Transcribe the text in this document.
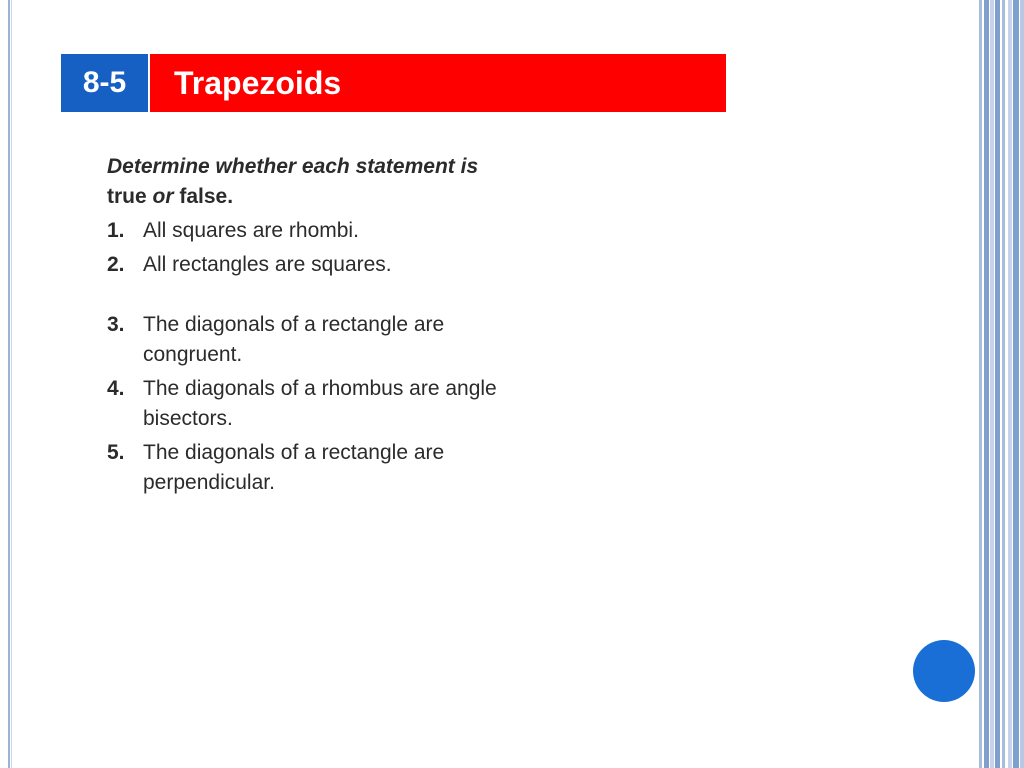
8-5	Trapezoids
Determine whether each statement is true or false.
1. All squares are rhombi.
2. All rectangles are squares.
3. The diagonals of a rectangle are congruent.
4. The diagonals of a rhombus are angle bisectors.
5. The diagonals of a rectangle are perpendicular.
